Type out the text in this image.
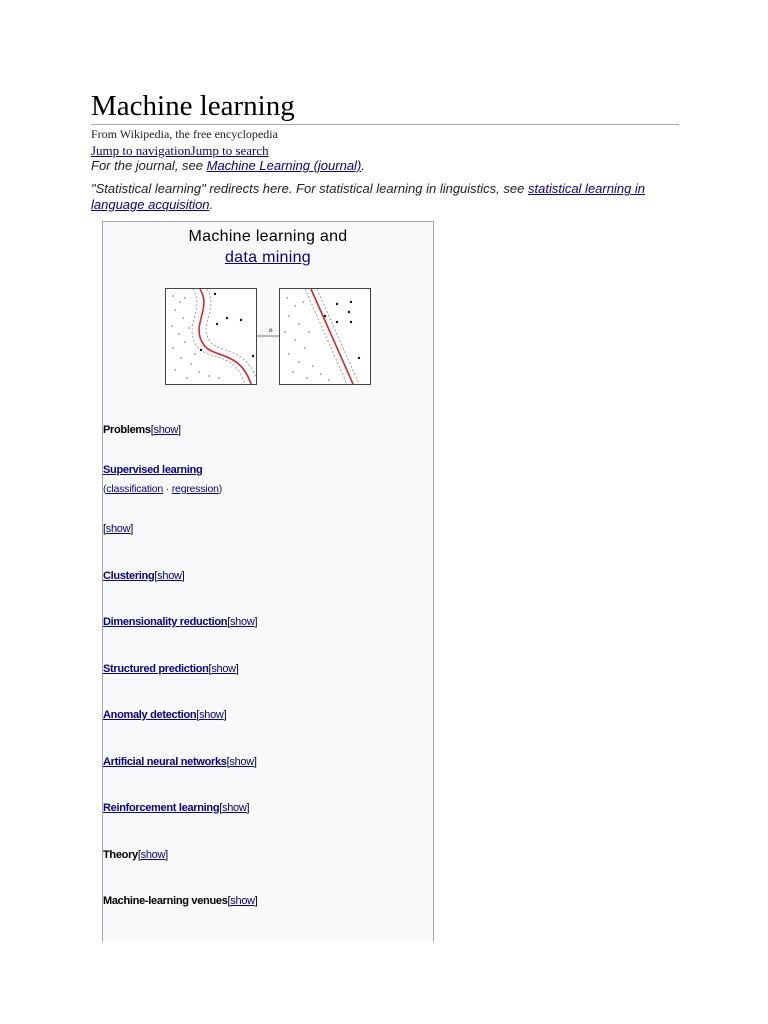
Machine learning
From Wikipedia, the free encyclopedia
Jump to navigationJump to search
For the journal, see Machine Learning (journal).
"Statistical learning" redirects here. For statistical learning in linguistics, see statistical learning in language acquisition.
Machine learning and
data mining
ø
Problems[show]
Supervised learning
(classification · regression)
[show]
Clustering[show]
Dimensionality reduction[show]
Structured prediction[show]
Anomaly detection[show]
Artificial neural networks[show]
Reinforcement learning[show]
Theory[show]
Machine-learning venues[show]
